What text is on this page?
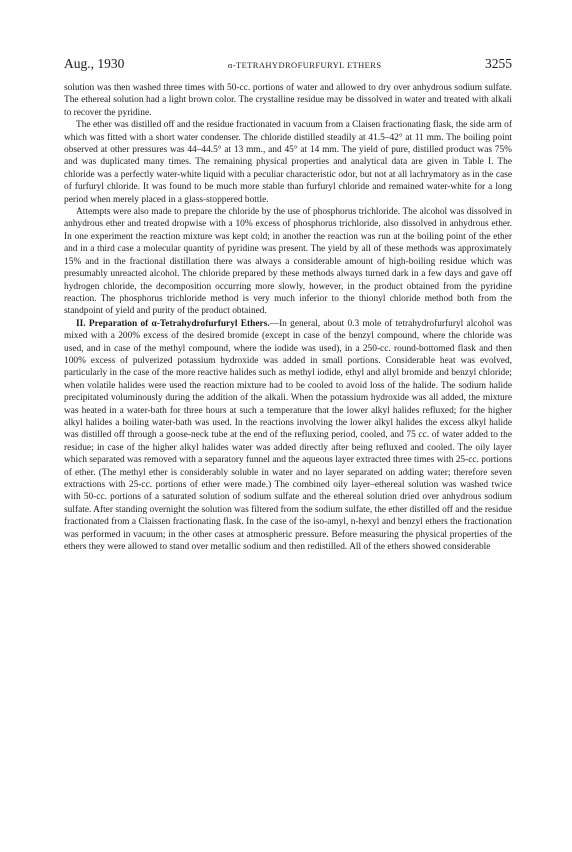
Aug., 1930	α-TETRAHYDROFURFURYL ETHERS	3255

solution was then washed three times with 50-cc. portions of water and allowed to dry over anhydrous sodium sulfate. The ethereal solution had a light brown color. The crystalline residue may be dissolved in water and treated with alkali to recover the pyridine.

The ether was distilled off and the residue fractionated in vacuum from a Claisen fractionating flask, the side arm of which was fitted with a short water condenser. The chloride distilled steadily at 41.5–42° at 11 mm. The boiling point observed at other pressures was 44–44.5° at 13 mm., and 45° at 14 mm. The yield of pure, distilled product was 75% and was duplicated many times. The remaining physical properties and analytical data are given in Table I. The chloride was a perfectly water-white liquid with a peculiar characteristic odor, but not at all lachrymatory as in the case of furfuryl chloride. It was found to be much more stable than furfuryl chloride and remained water-white for a long period when merely placed in a glass-stoppered bottle.

Attempts were also made to prepare the chloride by the use of phosphorus trichloride. The alcohol was dissolved in anhydrous ether and treated dropwise with a 10% excess of phosphorus trichloride, also dissolved in anhydrous ether. In one experiment the reaction mixture was kept cold; in another the reaction was run at the boiling point of the ether and in a third case a molecular quantity of pyridine was present. The yield by all of these methods was approximately 15% and in the fractional distillation there was always a considerable amount of high-boiling residue which was presumably unreacted alcohol. The chloride prepared by these methods always turned dark in a few days and gave off hydrogen chloride, the decomposition occurring more slowly, however, in the product obtained from the pyridine reaction. The phosphorus trichloride method is very much inferior to the thionyl chloride method both from the standpoint of yield and purity of the product obtained.

II. Preparation of α-Tetrahydrofurfuryl Ethers.—In general, about 0.3 mole of tetrahydrofurfuryl alcohol was mixed with a 200% excess of the desired bromide (except in case of the benzyl compound, where the chloride was used, and in case of the methyl compound, where the iodide was used), in a 250-cc. round-bottomed flask and then 100% excess of pulverized potassium hydroxide was added in small portions. Considerable heat was evolved, particularly in the case of the more reactive halides such as methyl iodide, ethyl and allyl bromide and benzyl chloride; when volatile halides were used the reaction mixture had to be cooled to avoid loss of the halide. The sodium halide precipitated voluminously during the addition of the alkali. When the potassium hydroxide was all added, the mixture was heated in a water-bath for three hours at such a temperature that the lower alkyl halides refluxed; for the higher alkyl halides a boiling water-bath was used. In the reactions involving the lower alkyl halides the excess alkyl halide was distilled off through a goose-neck tube at the end of the refluxing period, cooled, and 75 cc. of water added to the residue; in case of the higher alkyl halides water was added directly after being refluxed and cooled. The oily layer which separated was removed with a separatory funnel and the aqueous layer extracted three times with 25-cc. portions of ether. (The methyl ether is considerably soluble in water and no layer separated on adding water; therefore seven extractions with 25-cc. portions of ether were made.) The combined oily layer–ethereal solution was washed twice with 50-cc. portions of a saturated solution of sodium sulfate and the ethereal solution dried over anhydrous sodium sulfate. After standing overnight the solution was filtered from the sodium sulfate, the ether distilled off and the residue fractionated from a Claissen fractionating flask. In the case of the iso-amyl, n-hexyl and benzyl ethers the fractionation was performed in vacuum; in the other cases at atmospheric pressure. Before measuring the physical properties of the ethers they were allowed to stand over metallic sodium and then redistilled. All of the ethers showed considerable
